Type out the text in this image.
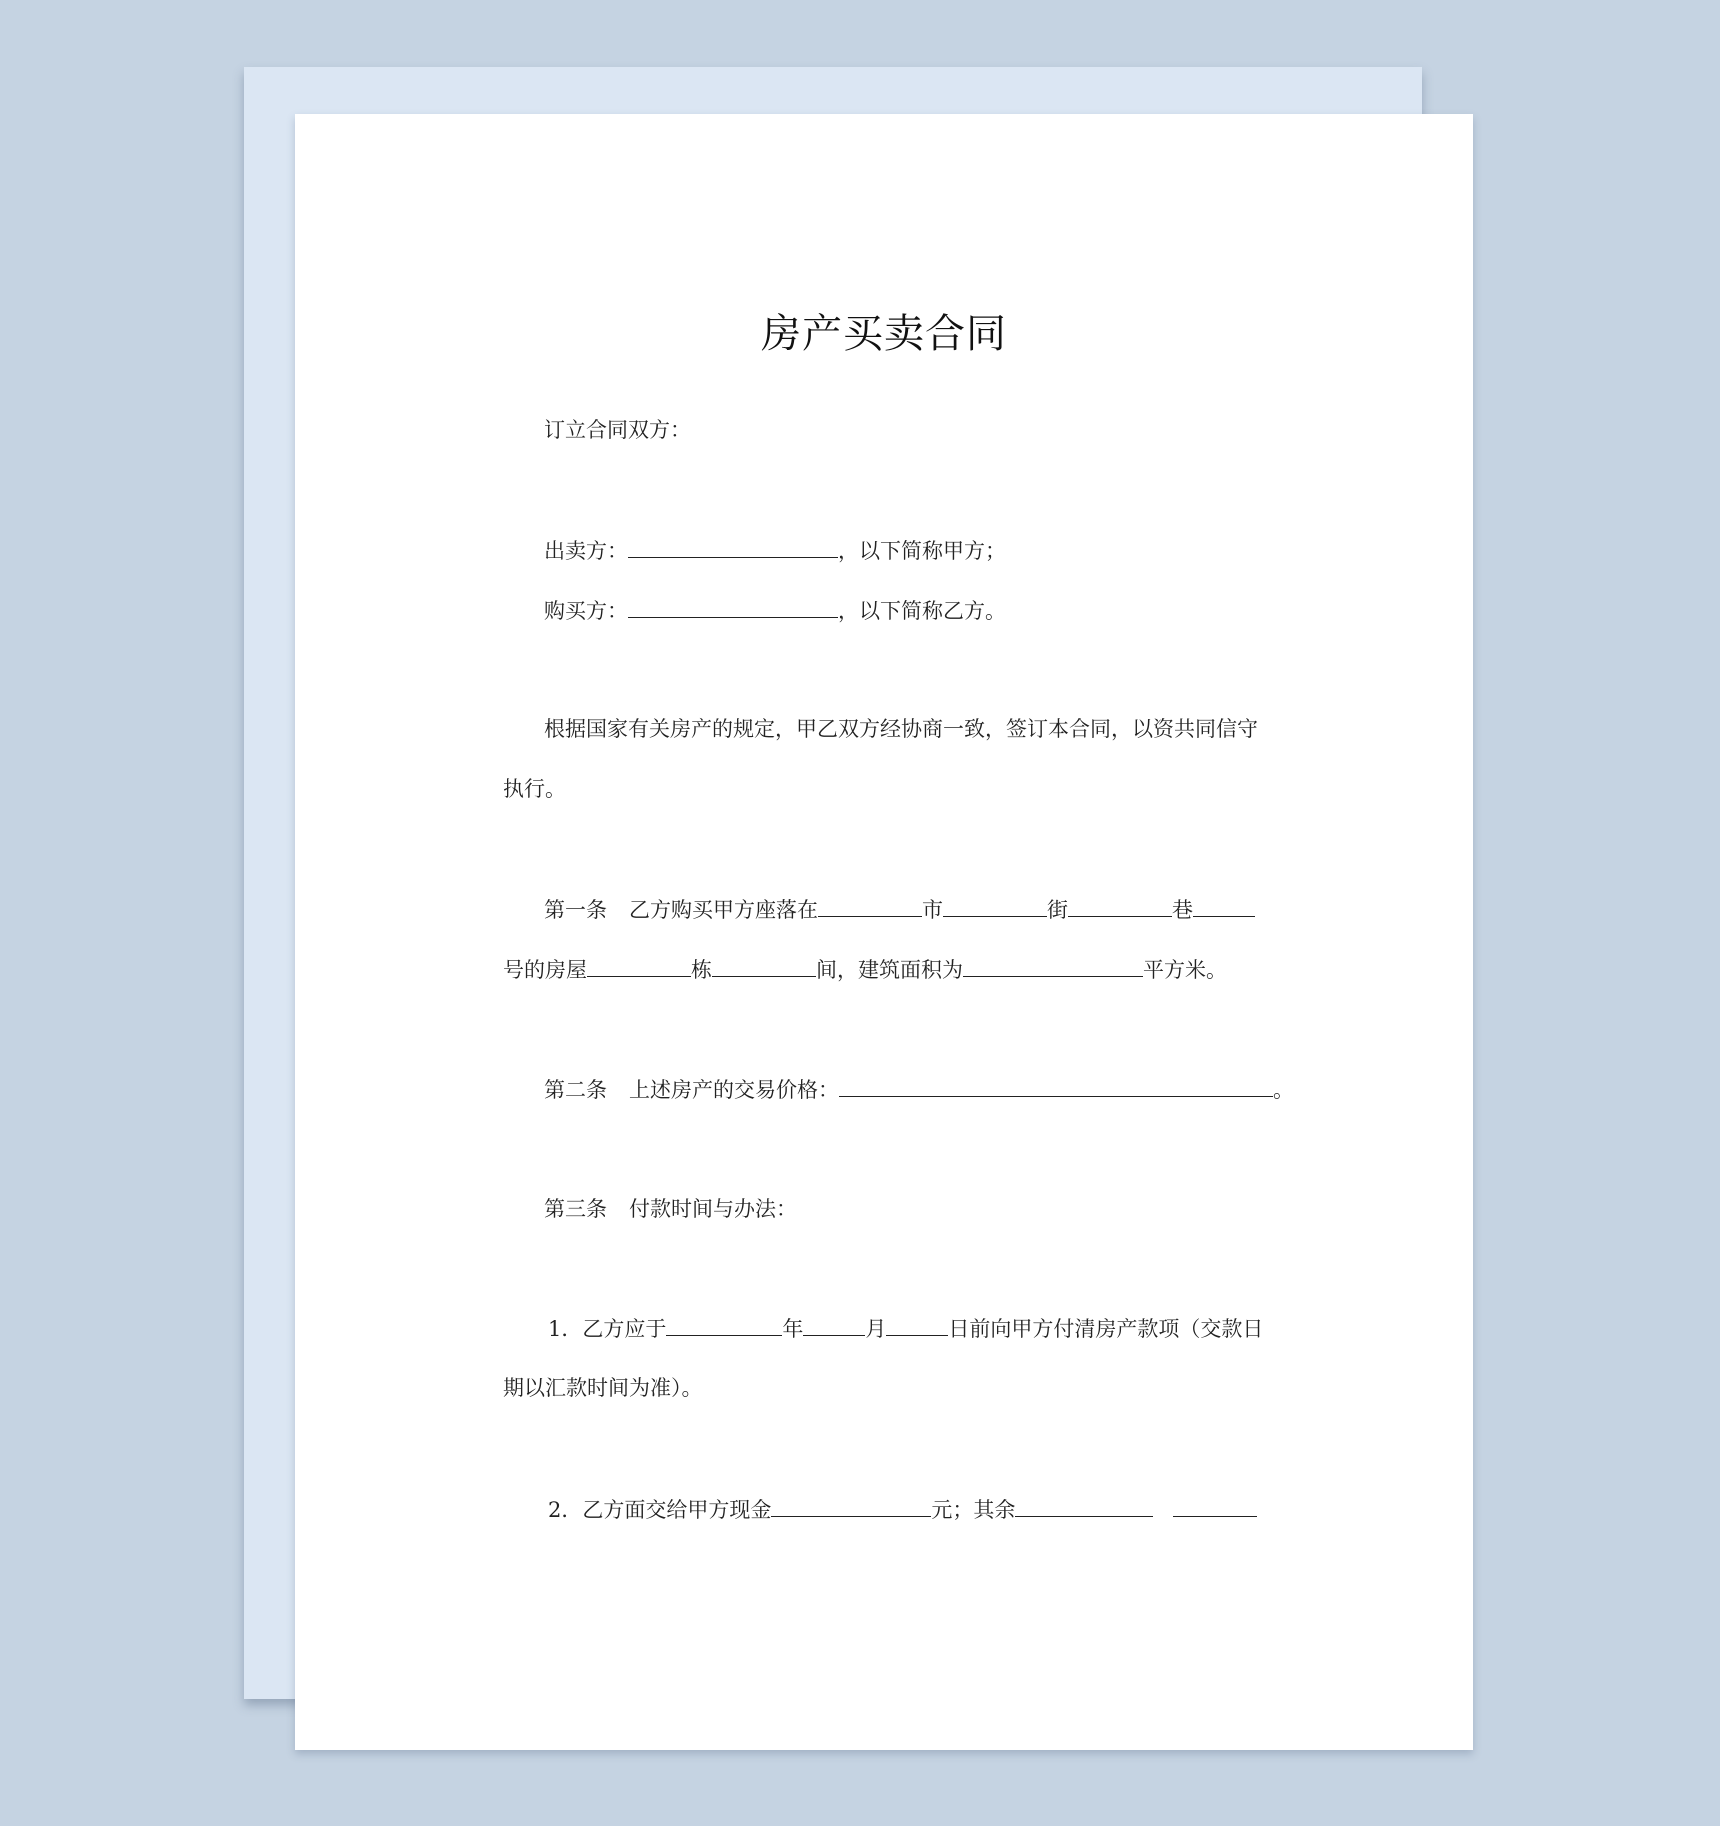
房产买卖合同
订立合同双方：
出卖方：	，以下简称甲方；
购买方：	，以下简称乙方。
根据国家有关房产的规定，甲乙双方经协商一致，签订本合同，以资共同信守
执行。
第一条 乙方购买甲方座落在	市	街	巷
号的房屋	栋	间，建筑面积为	平方米。
第二条 上述房产的交易价格：	。
第三条 付款时间与办法：
1．乙方应于	年	月	日前向甲方付清房产款项（交款日
期以汇款时间为准）。
2．乙方面交给甲方现金	元；其余
